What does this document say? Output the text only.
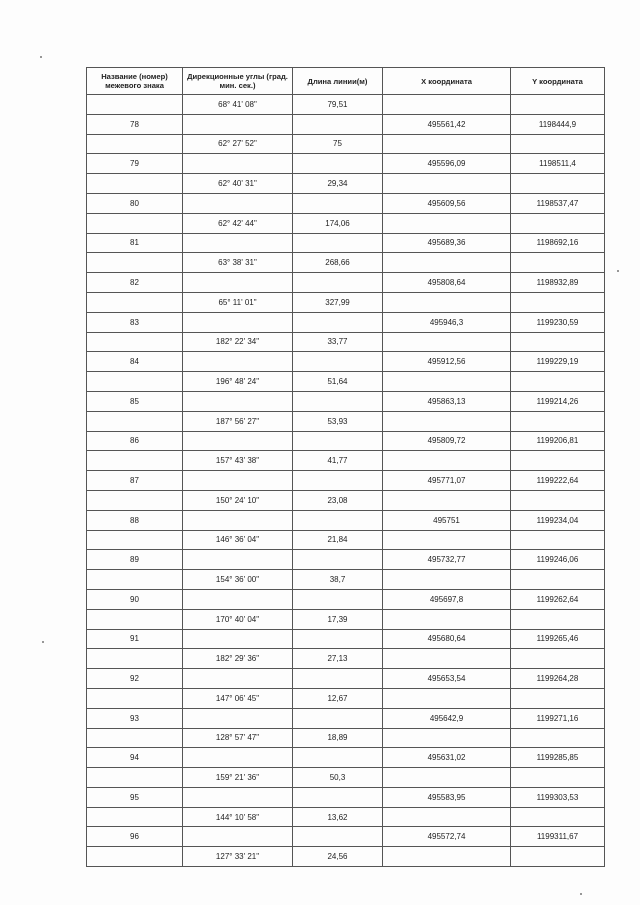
Название (номер) межевого знака	Дирекционные углы (град. мин. сек.)	Длина линии(м)	X координата	Y координата
	68° 41' 08"	79,51		
78			495561,42	1198444,9
	62° 27' 52"	75		
79			495596,09	1198511,4
	62° 40' 31"	29,34		
80			495609,56	1198537,47
	62° 42' 44"	174,06		
81			495689,36	1198692,16
	63° 38' 31"	268,66		
82			495808,64	1198932,89
	65° 11' 01"	327,99		
83			495946,3	1199230,59
	182° 22' 34"	33,77		
84			495912,56	1199229,19
	196° 48' 24"	51,64		
85			495863,13	1199214,26
	187° 56' 27"	53,93		
86			495809,72	1199206,81
	157° 43' 38"	41,77		
87			495771,07	1199222,64
	150° 24' 10"	23,08		
88			495751	1199234,04
	146° 36' 04"	21,84		
89			495732,77	1199246,06
	154° 36' 00"	38,7		
90			495697,8	1199262,64
	170° 40' 04"	17,39		
91			495680,64	1199265,46
	182° 29' 36"	27,13		
92			495653,54	1199264,28
	147° 06' 45"	12,67		
93			495642,9	1199271,16
	128° 57' 47"	18,89		
94			495631,02	1199285,85
	159° 21' 36"	50,3		
95			495583,95	1199303,53
	144° 10' 58"	13,62		
96			495572,74	1199311,67
	127° 33' 21"	24,56		
